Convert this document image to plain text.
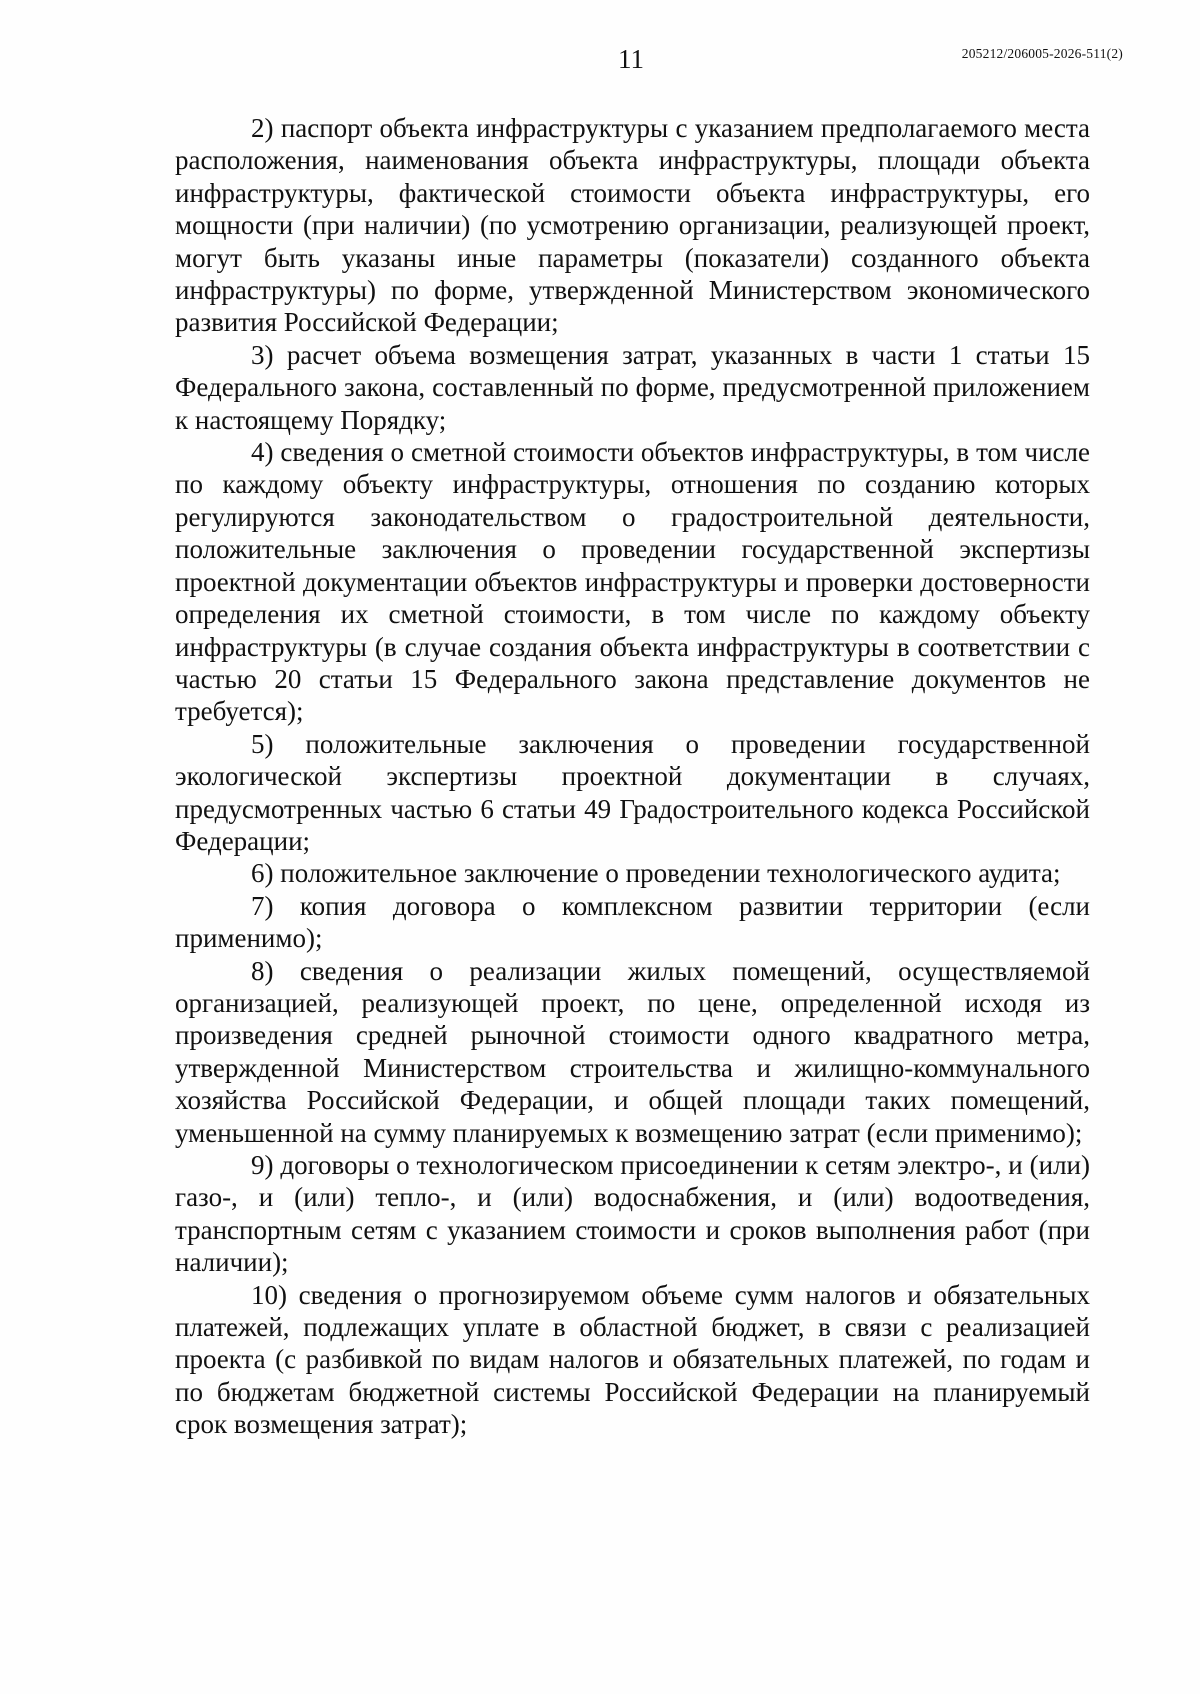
11	205212/206005-2026-511(2)

2) паспорт объекта инфраструктуры с указанием предполагаемого места расположения, наименования объекта инфраструктуры, площади объекта инфраструктуры, фактической стоимости объекта инфраструктуры, его мощности (при наличии) (по усмотрению организации, реализующей проект, могут быть указаны иные параметры (показатели) созданного объекта инфраструктуры) по форме, утвержденной Министерством экономического развития Российской Федерации;

3) расчет объема возмещения затрат, указанных в части 1 статьи 15 Федерального закона, составленный по форме, предусмотренной приложением к настоящему Порядку;

4) сведения о сметной стоимости объектов инфраструктуры, в том числе по каждому объекту инфраструктуры, отношения по созданию которых регулируются законодательством о градостроительной деятельности, положительные заключения о проведении государственной экспертизы проектной документации объектов инфраструктуры и проверки достоверности определения их сметной стоимости, в том числе по каждому объекту инфраструктуры (в случае создания объекта инфраструктуры в соответствии с частью 20 статьи 15 Федерального закона представление документов не требуется);

5) положительные заключения о проведении государственной экологической экспертизы проектной документации в случаях, предусмотренных частью 6 статьи 49 Градостроительного кодекса Российской Федерации;

6) положительное заключение о проведении технологического аудита;

7) копия договора о комплексном развитии территории (если применимо);

8) сведения о реализации жилых помещений, осуществляемой организацией, реализующей проект, по цене, определенной исходя из произведения средней рыночной стоимости одного квадратного метра, утвержденной Министерством строительства и жилищно-коммунального хозяйства Российской Федерации, и общей площади таких помещений, уменьшенной на сумму планируемых к возмещению затрат (если применимо);

9) договоры о технологическом присоединении к сетям электро-, и (или) газо-, и (или) тепло-, и (или) водоснабжения, и (или) водоотведения, транспортным сетям с указанием стоимости и сроков выполнения работ (при наличии);

10) сведения о прогнозируемом объеме сумм налогов и обязательных платежей, подлежащих уплате в областной бюджет, в связи с реализацией проекта (с разбивкой по видам налогов и обязательных платежей, по годам и по бюджетам бюджетной системы Российской Федерации на планируемый срок возмещения затрат);
